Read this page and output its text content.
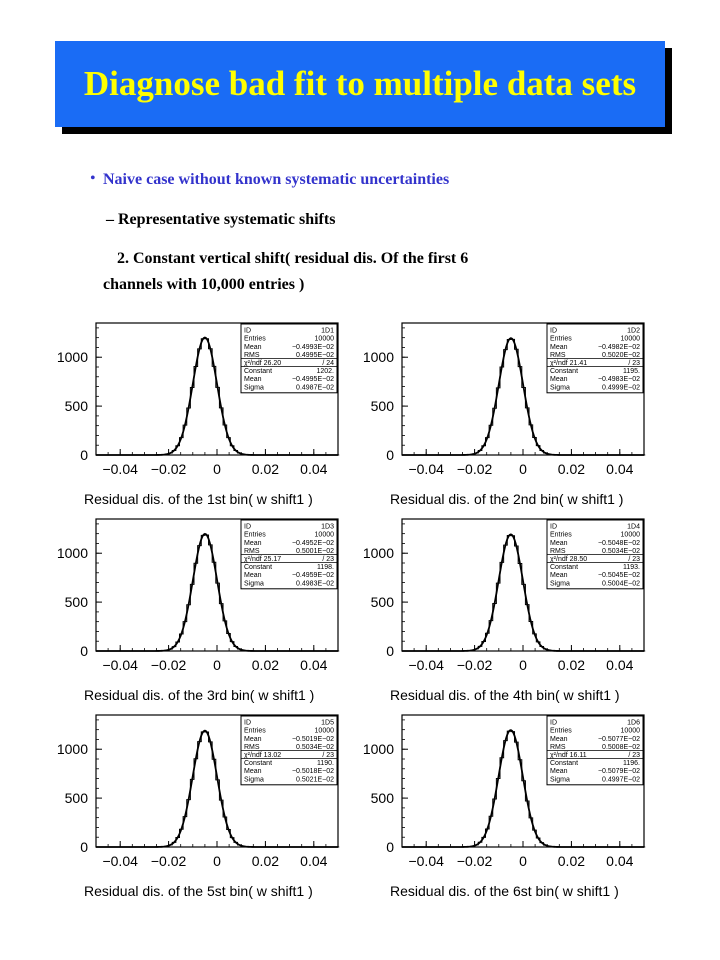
Diagnose bad fit to multiple data sets
• Naive case without known systematic uncertainties
– Representative systematic shifts
2. Constant vertical shift( residual dis. Of the first 6
channels with 10,000 entries )
−0.04 −0.02 0 0.02 0.04
0
500
1000
ID	1D1
Entries	10000
Mean	−0.4993E−02
RMS	0.4995E−02
χ²/ndf 26.20	/ 24
Constant	1202.
Mean	−0.4995E−02
Sigma	0.4987E−02
Residual dis. of the 1st bin( w shift1 )
−0.04 −0.02 0 0.02 0.04
0
500
1000
ID	1D2
Entries	10000
Mean	−0.4982E−02
RMS	0.5020E−02
χ²/ndf 21.41	/ 23
Constant	1195.
Mean	−0.4983E−02
Sigma	0.4999E−02
Residual dis. of the 2nd bin( w shift1 )
−0.04 −0.02 0 0.02 0.04
0
500
1000
ID	1D3
Entries	10000
Mean	−0.4952E−02
RMS	0.5001E−02
χ²/ndf 25.17	/ 23
Constant	1198.
Mean	−0.4959E−02
Sigma	0.4983E−02
Residual dis. of the 3rd bin( w shift1 )
−0.04 −0.02 0 0.02 0.04
0
500
1000
ID	1D4
Entries	10000
Mean	−0.5048E−02
RMS	0.5034E−02
χ²/ndf 28.50	/ 23
Constant	1193.
Mean	−0.5045E−02
Sigma	0.5004E−02
Residual dis. of the 4th bin( w shift1 )
−0.04 −0.02 0 0.02 0.04
0
500
1000
ID	1D5
Entries	10000
Mean	−0.5019E−02
RMS	0.5034E−02
χ²/ndf 13.02	/ 23
Constant	1190.
Mean	−0.5018E−02
Sigma	0.5021E−02
Residual dis. of the 5st bin( w shift1 )
−0.04 −0.02 0 0.02 0.04
0
500
1000
ID	1D6
Entries	10000
Mean	−0.5077E−02
RMS	0.5008E−02
χ²/ndf 16.11	/ 23
Constant	1196.
Mean	−0.5079E−02
Sigma	0.4997E−02
Residual dis. of the 6st bin( w shift1 )
